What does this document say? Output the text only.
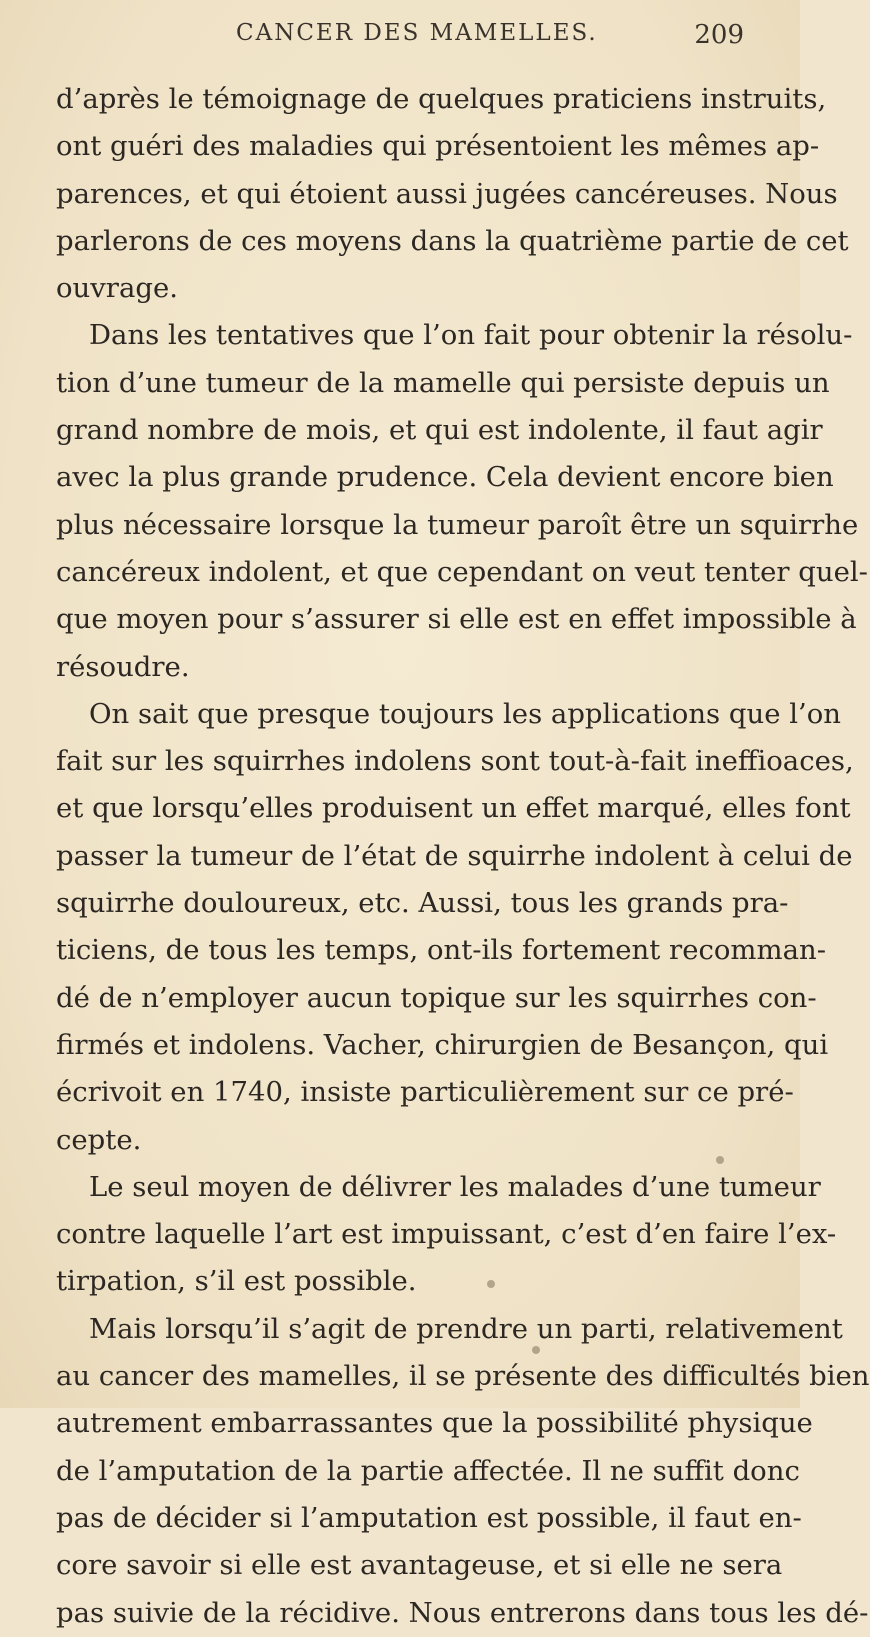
CANCER DES MAMELLES.	209
d’après le témoignage de quelques praticiens instruits,
ont guéri des maladies qui présentoient les mêmes ap-
parences, et qui étoient aussi jugées cancéreuses. Nous
parlerons de ces moyens dans la quatrième partie de cet
ouvrage.
Dans les tentatives que l’on fait pour obtenir la résolu-
tion d’une tumeur de la mamelle qui persiste depuis un
grand nombre de mois, et qui est indolente, il faut agir
avec la plus grande prudence. Cela devient encore bien
plus nécessaire lorsque la tumeur paroît être un squirrhe
cancéreux indolent, et que cependant on veut tenter quel-
que moyen pour s’assurer si elle est en effet impossible à
résoudre.
On sait que presque toujours les applications que l’on
fait sur les squirrhes indolens sont tout-à-fait ineffioaces,
et que lorsqu’elles produisent un effet marqué, elles font
passer la tumeur de l’état de squirrhe indolent à celui de
squirrhe douloureux, etc. Aussi, tous les grands pra-
ticiens, de tous les temps, ont-ils fortement recomman-
dé de n’employer aucun topique sur les squirrhes con-
firmés et indolens. Vacher, chirurgien de Besançon, qui
écrivoit en 1740, insiste particulièrement sur ce pré-
cepte.
Le seul moyen de délivrer les malades d’une tumeur
contre laquelle l’art est impuissant, c’est d’en faire l’ex-
tirpation, s’il est possible.
Mais lorsqu’il s’agit de prendre un parti, relativement
au cancer des mamelles, il se présente des difficultés bien
autrement embarrassantes que la possibilité physique
de l’amputation de la partie affectée. Il ne suffit donc
pas de décider si l’amputation est possible, il faut en-
core savoir si elle est avantageuse, et si elle ne sera
pas suivie de la récidive. Nous entrerons dans tous les dé-
